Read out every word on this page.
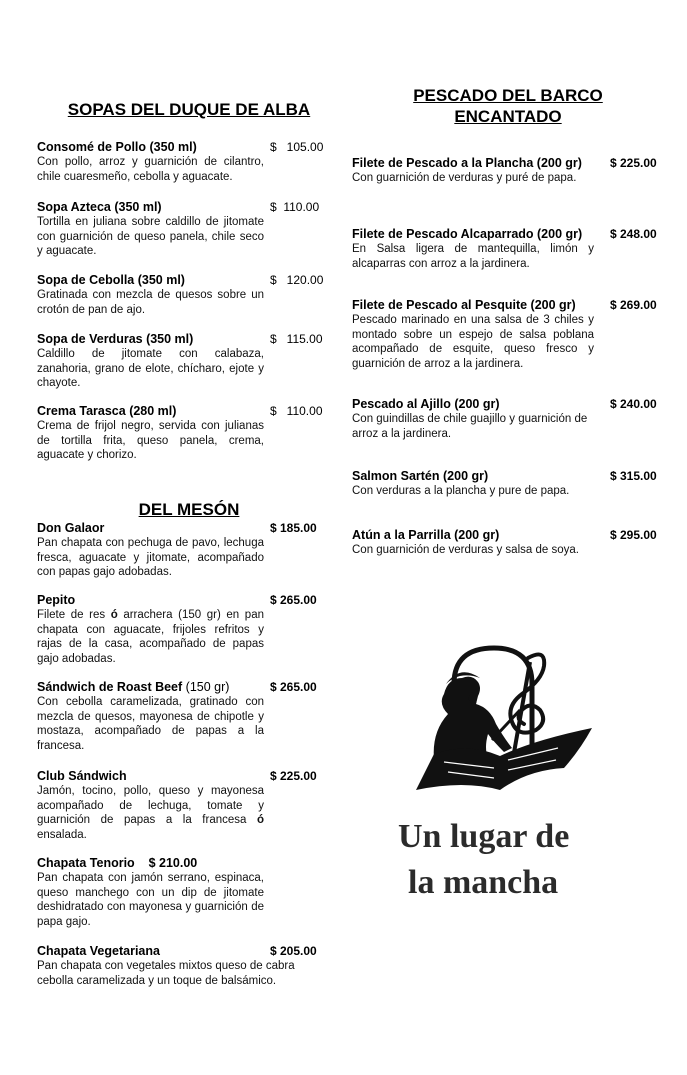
SOPAS DEL DUQUE DE ALBA
Consomé de Pollo (350 ml)
Con pollo, arroz y guarnición de cilantro, chile cuaresmeño, cebolla y aguacate.
$   105.00
Sopa Azteca (350 ml)
Tortilla en juliana sobre caldillo de jitomate con guarnición de queso panela, chile seco y aguacate.
$  110.00
Sopa de Cebolla (350 ml)
Gratinada con mezcla de quesos sobre un crotón de pan de ajo.
$   120.00
Sopa de Verduras (350 ml)
Caldillo de jitomate con calabaza, zanahoria, grano de elote, chícharo, ejote y chayote.
$   115.00
Crema Tarasca (280 ml)
Crema de frijol negro, servida con julianas de tortilla frita, queso panela, crema, aguacate y chorizo.
$   110.00
DEL MESÓN
Don Galaor
Pan chapata con pechuga de pavo, lechuga fresca, aguacate y jitomate, acompañado con papas gajo adobadas.
$ 185.00
Pepito
Filete de res ó arrachera (150 gr) en pan chapata con aguacate, frijoles refritos y rajas de la casa, acompañado de papas gajo adobadas.
$ 265.00
Sándwich de Roast Beef (150 gr)
Con cebolla caramelizada, gratinado con mezcla de quesos, mayonesa de chipotle y mostaza, acompañado de papas a la francesa.
$ 265.00
Club Sándwich
Jamón, tocino, pollo, queso y mayonesa acompañado de lechuga, tomate y guarnición de papas a la francesa ó ensalada.
$ 225.00
Chapata Tenorio    $ 210.00
Pan chapata con jamón serrano, espinaca, queso manchego con un dip de jitomate deshidratado con mayonesa y guarnición de papa gajo.
Chapata Vegetariana
Pan chapata con vegetales mixtos queso de cabra cebolla caramelizada y un toque de balsámico.
$ 205.00
PESCADO DEL BARCO
ENCANTADO
Filete de Pescado a la Plancha (200 gr)
Con guarnición de verduras y puré de papa.
$ 225.00
Filete de Pescado Alcaparrado (200 gr)
En Salsa ligera de mantequilla, limón y alcaparras con arroz a la jardinera.
$ 248.00
Filete de Pescado al Pesquite (200 gr)
Pescado marinado en una salsa de 3 chiles y montado sobre un espejo de salsa poblana acompañado de esquite, queso fresco y guarnición de arroz a la jardinera.
$ 269.00
Pescado al Ajillo (200 gr)
Con guindillas de chile guajillo y guarnición de arroz a la jardinera.
$ 240.00
Salmon Sartén (200 gr)
Con verduras a la plancha y pure de papa.
$ 315.00
Atún a la Parrilla (200 gr)
Con guarnición de verduras y salsa de soya.
$ 295.00
Un lugar de
la mancha
